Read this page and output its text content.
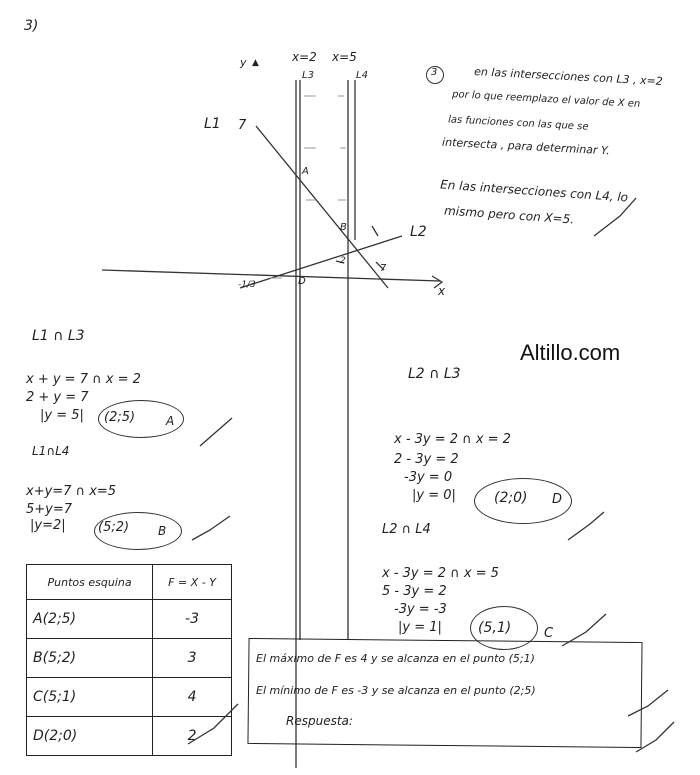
3)
y ▲	x=2 x=5
L3	L4
L1 7
L2
A
B
2
7
D
x
-1/3
3	en las intersecciones con L3 , x=2
por lo que reemplazo el valor de X en
las funciones con las que se
intersecta , para determinar Y.
En las intersecciones con L4, lo
mismo pero con X=5.
Altillo.com
L1 ∩ L3
x + y = 7 ∩ x = 2
2 + y = 7
|y = 5| (2;5)	A
L1∩L4
x+y=7 ∩ x=5
5+y=7
|y=2| (5;2) B
L2 ∩ L3
x - 3y = 2 ∩ x = 2
2 - 3y = 2
-3y = 0
|y = 0|	(2;0) D
L2 ∩ L4
x - 3y = 2 ∩ x = 5
5 - 3y = 2
-3y = -3
|y = 1|	(5,1)	C
Puntos esquina	F = X - Y
A(2;5)	-3
B(5;2)	3
C(5;1)	4
D(2;0)	2
El máximo de F es 4 y se alcanza en el punto (5;1)
El mínimo de F es -3 y se alcanza en el punto (2;5)
Respuesta:
